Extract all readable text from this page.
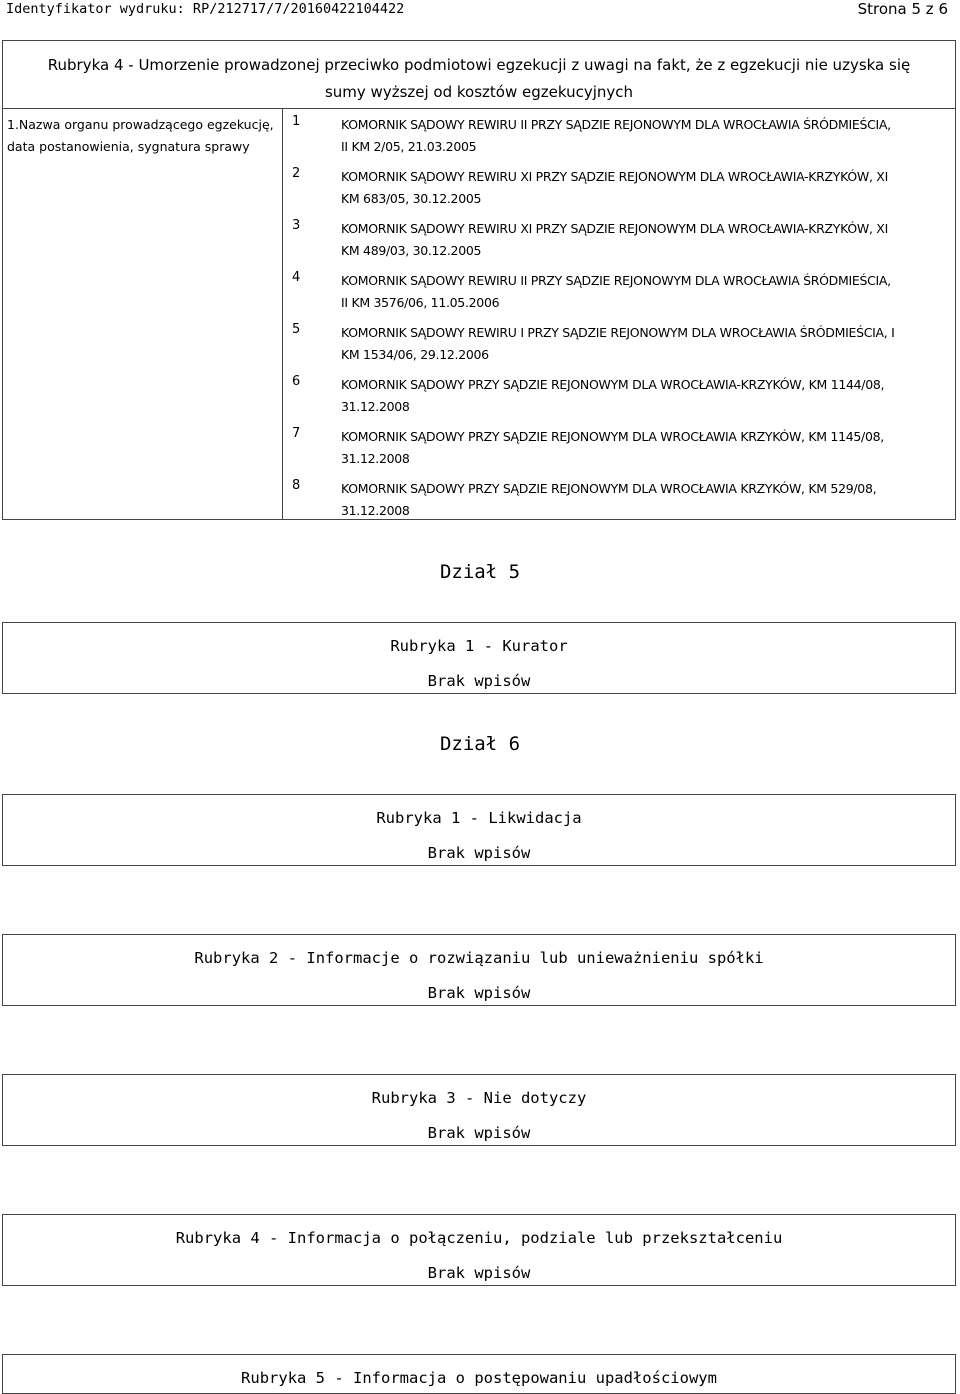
Identyfikator wydruku: RP/212717/7/20160422104422	Strona 5 z 6
Rubryka 4 - Umorzenie prowadzonej przeciwko podmiotowi egzekucji z uwagi na fakt, że z egzekucji nie uzyska się
sumy wyższej od kosztów egzekucyjnych
1.Nazwa organu prowadzącego egzekucję,
data postanowienia, sygnatura sprawy
1	KOMORNIK SĄDOWY REWIRU II PRZY SĄDZIE REJONOWYM DLA WROCŁAWIA ŚRÓDMIEŚCIA,
II KM 2/05, 21.03.2005
2	KOMORNIK SĄDOWY REWIRU XI PRZY SĄDZIE REJONOWYM DLA WROCŁAWIA-KRZYKÓW, XI
KM 683/05, 30.12.2005
3	KOMORNIK SĄDOWY REWIRU XI PRZY SĄDZIE REJONOWYM DLA WROCŁAWIA-KRZYKÓW, XI
KM 489/03, 30.12.2005
4	KOMORNIK SĄDOWY REWIRU II PRZY SĄDZIE REJONOWYM DLA WROCŁAWIA ŚRÓDMIEŚCIA,
II KM 3576/06, 11.05.2006
5	KOMORNIK SĄDOWY REWIRU I PRZY SĄDZIE REJONOWYM DLA WROCŁAWIA ŚRÓDMIEŚCIA, I
KM 1534/06, 29.12.2006
6	KOMORNIK SĄDOWY PRZY SĄDZIE REJONOWYM DLA WROCŁAWIA-KRZYKÓW, KM 1144/08,
31.12.2008
7	KOMORNIK SĄDOWY PRZY SĄDZIE REJONOWYM DLA WROCŁAWIA KRZYKÓW, KM 1145/08,
31.12.2008
8	KOMORNIK SĄDOWY PRZY SĄDZIE REJONOWYM DLA WROCŁAWIA KRZYKÓW, KM 529/08,
31.12.2008
Dział 5
Rubryka 1 - Kurator
Brak wpisów
Dział 6
Rubryka 1 - Likwidacja
Brak wpisów
Rubryka 2 - Informacje o rozwiązaniu lub unieważnieniu spółki
Brak wpisów
Rubryka 3 - Nie dotyczy
Brak wpisów
Rubryka 4 - Informacja o połączeniu, podziale lub przekształceniu
Brak wpisów
Rubryka 5 - Informacja o postępowaniu upadłościowym
